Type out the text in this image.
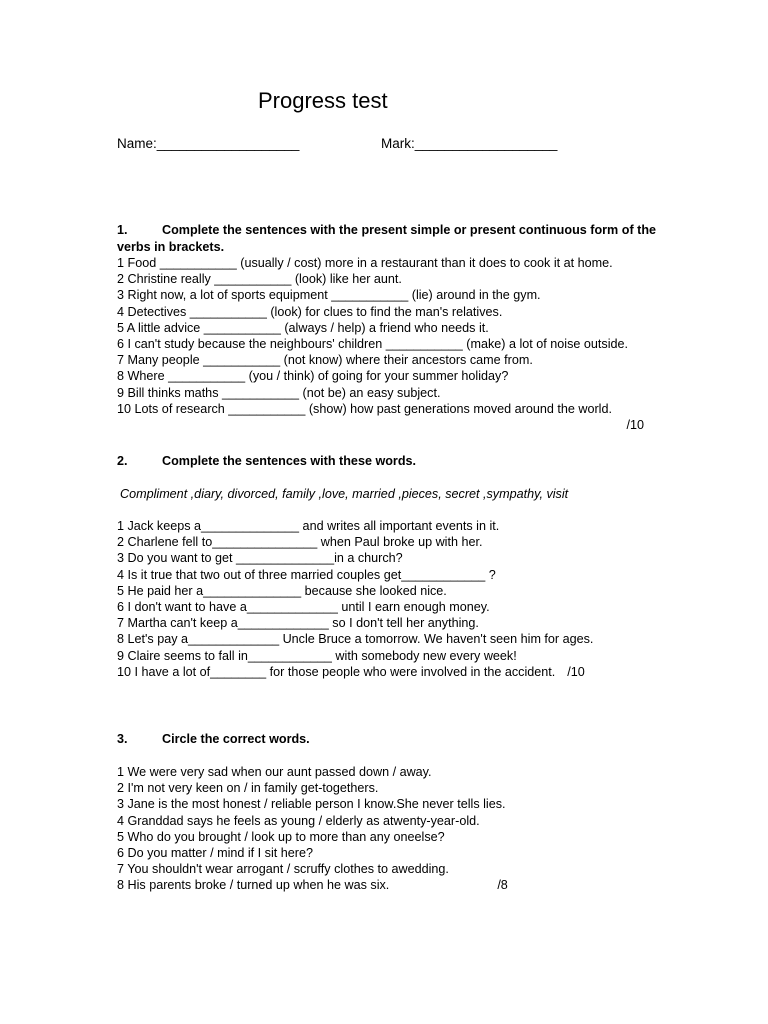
Progress test
Name:___________________	Mark:___________________
1.	Complete the sentences with the present simple or present continuous form of the verbs in brackets.
1 Food ___________ (usually / cost) more in a restaurant than it does to cook it at home.
2 Christine really ___________ (look) like her aunt.
3 Right now, a lot of sports equipment ___________ (lie) around in the gym.
4 Detectives ___________ (look) for clues to find the man's relatives.
5 A little advice ___________ (always / help) a friend who needs it.
6 I can't study because the neighbours' children ___________ (make) a lot of noise outside.
7 Many people ___________ (not know) where their ancestors came from.
8 Where ___________ (you / think) of going for your summer holiday?
9 Bill thinks maths ___________ (not be) an easy subject.
10 Lots of research ___________ (show) how past generations moved around the world.
/10
2.	Complete the sentences with these words.
Compliment ,diary, divorced, family ,love, married ,pieces, secret ,sympathy, visit
1 Jack keeps a______________ and writes all important events in it.
2 Charlene fell to_______________ when Paul broke up with her.
3 Do you want to get ______________in a church?
4 Is it true that two out of three married couples get____________ ?
5 He paid her a______________ because she looked nice.
6 I don't want to have a_____________ until I earn enough money.
7 Martha can't keep a_____________ so I don't tell her anything.
8 Let's pay a_____________ Uncle Bruce a tomorrow. We haven't seen him for ages.
9 Claire seems to fall in____________ with somebody new every week!
10 I have a lot of________ for those people who were involved in the accident. /10
3.	Circle the correct words.
1 We were very sad when our aunt passed down / away.
2 I'm not very keen on / in family get-togethers.
3 Jane is the most honest / reliable person I know.She never tells lies.
4 Granddad says he feels as young / elderly as atwenty-year-old.
5 Who do you brought / look up to more than any oneelse?
6 Do you matter / mind if I sit here?
7 You shouldn't wear arrogant / scruffy clothes to awedding.
8 His parents broke / turned up when he was six.	/8
